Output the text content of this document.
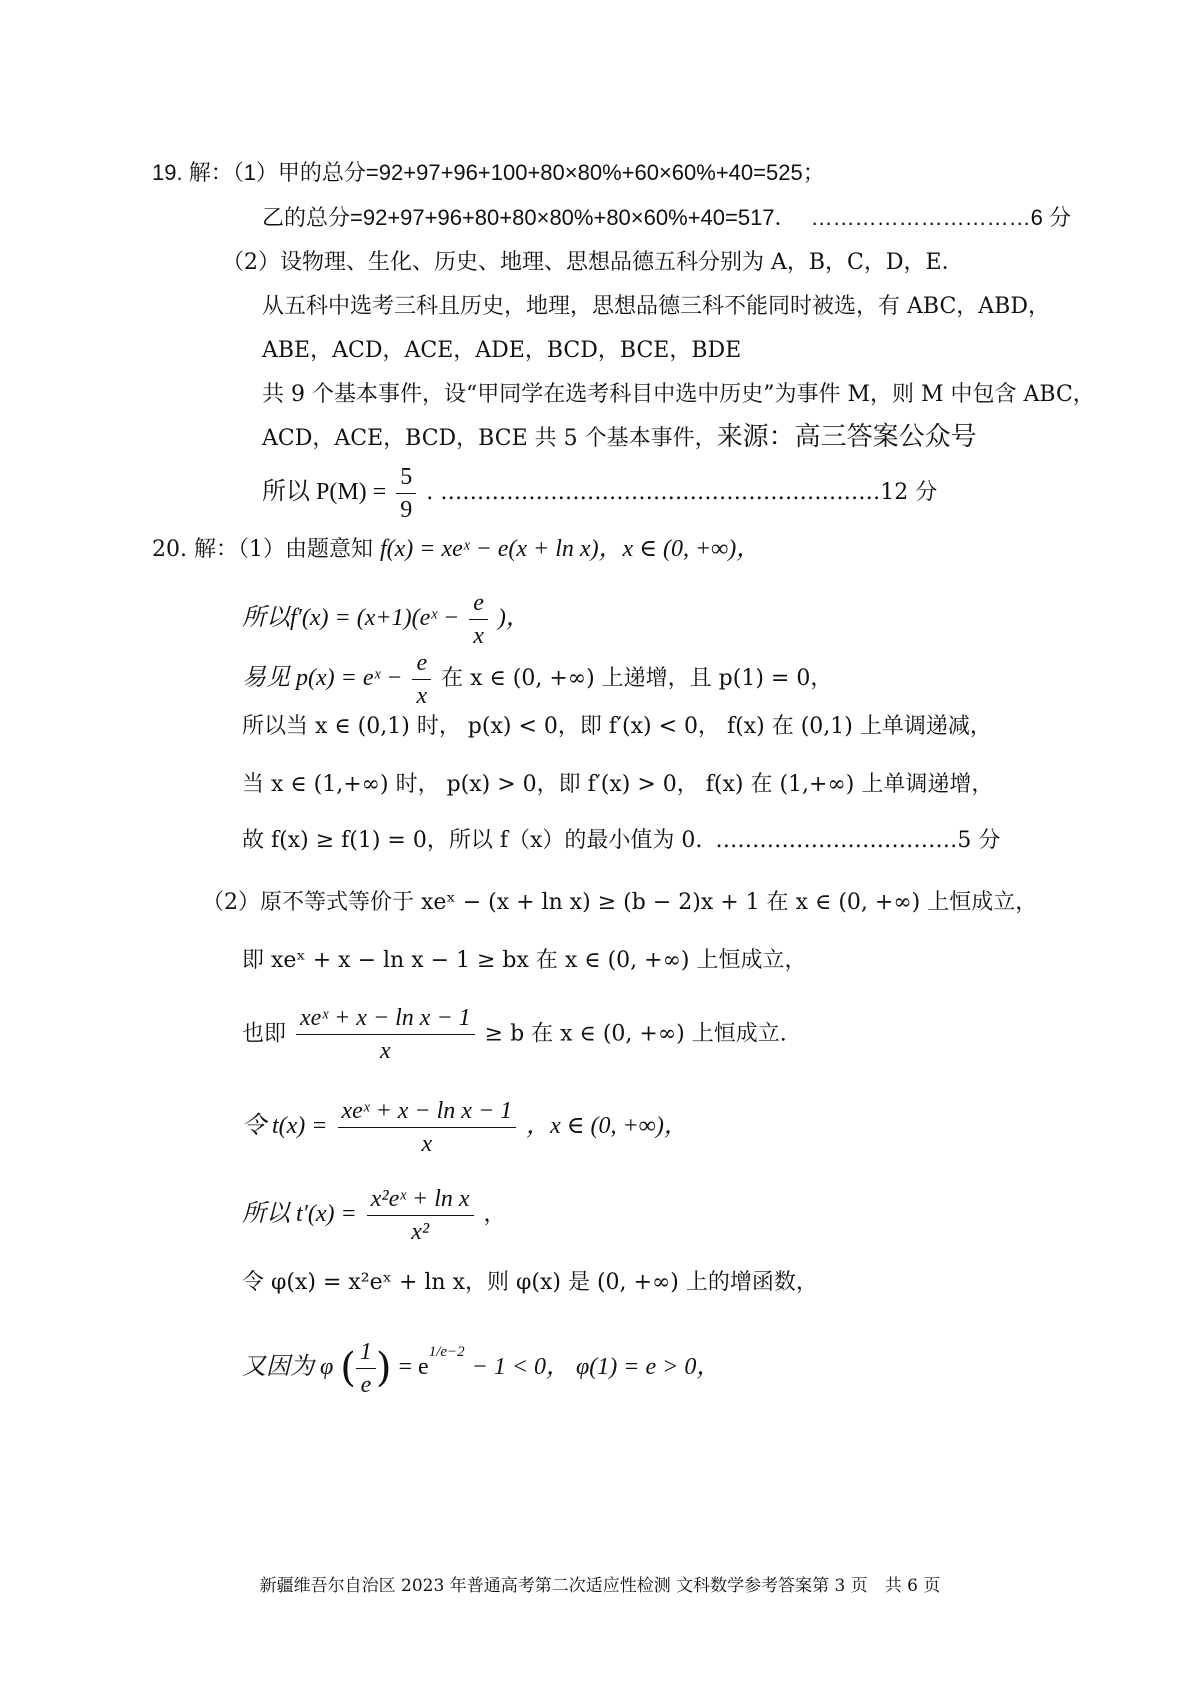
19. 解：（1）甲的总分=92+97+96+100+80×80%+60×60%+40=525；
乙的总分=92+97+96+80+80×80%+80×60%+40=517． …………………………6 分
（2）设物理、生化、历史、地理、思想品德五科分别为 A，B，C，D，E．
从五科中选考三科且历史，地理，思想品德三科不能同时被选，有 ABC，ABD，
ABE，ACD，ACE，ADE，BCD，BCE，BDE
共 9 个基本事件，设“甲同学在选考科目中选中历史”为事件 M，则 M 中包含 ABC，
ACD，ACE，BCD，BCE 共 5 个基本事件，来源：高三答案公众号
所以 $P(M) = \frac{5}{9}$ . ……………………………………………………12 分
20. 解：（1）由题意知 f(x) = xeˣ − e(x + ln x)，x ∈ (0, +∞)，
所以f′(x) = (x+1)(eˣ − $\frac{e}{x}$ )，
易见 p(x) = eˣ − $\frac{e}{x}$ 在 x ∈ (0, +∞) 上递增，且 p(1) = 0，
所以当 x ∈ (0,1) 时， p(x) < 0，即 f′(x) < 0， f(x) 在 (0,1) 上单调递减，
当 x ∈ (1,+∞) 时， p(x) > 0，即 f′(x) > 0， f(x) 在 (1,+∞) 上单调递增，
故 f(x) ≥ f(1) = 0，所以 f（x）的最小值为 0. ……………………………5 分
（2）原不等式等价于 xeˣ − (x + ln x) ≥ (b − 2)x + 1 在 x ∈ (0, +∞) 上恒成立，
即 xeˣ + x − ln x − 1 ≥ bx 在 x ∈ (0, +∞) 上恒成立，
也即 $\frac{\text{xeˣ + x − ln x − 1}}{x} \ge b$ 在 x ∈ (0, +∞) 上恒成立.
令 $t(x) = \frac{\text{xeˣ + x − ln x − 1}}{x}$ ，x ∈ (0, +∞)，
所以 $t'(x) = \frac{\text{x²eˣ + ln x}}{\text{x²}}$ ，
令 φ(x) = x²eˣ + ln x，则 φ(x) 是 (0, +∞) 上的增函数，
又因为 φ ( $\frac{1}{e}$ ) = $e^{1/e-2} - 1 < 0$， φ(1) = e > 0，
新疆维吾尔自治区 2023 年普通高考第二次适应性检测 文科数学参考答案第 3 页　共 6 页
